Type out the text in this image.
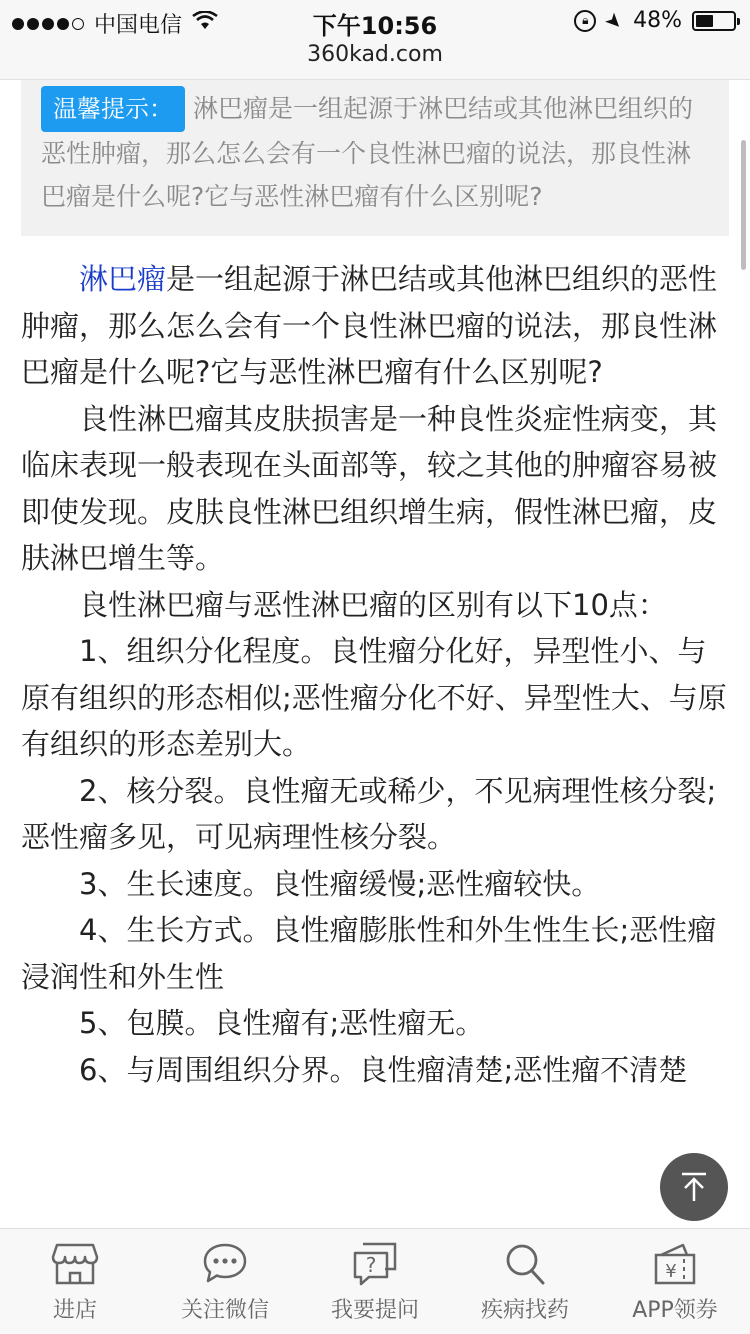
中国电信	下午10:56	🔒︎ ➤ 48%
360kad.com
温馨提示： 淋巴瘤是一组起源于淋巴结或其他淋巴组织的恶性肿瘤，那么怎么会有一个良性淋巴瘤的说法，那良性淋巴瘤是什么呢?它与恶性淋巴瘤有什么区别呢?

淋巴瘤是一组起源于淋巴结或其他淋巴组织的恶性肿瘤，那么怎么会有一个良性淋巴瘤的说法，那良性淋巴瘤是什么呢?它与恶性淋巴瘤有什么区别呢?

良性淋巴瘤其皮肤损害是一种良性炎症性病变，其临床表现一般表现在头面部等，较之其他的肿瘤容易被即使发现。皮肤良性淋巴组织增生病，假性淋巴瘤，皮肤淋巴增生等。

良性淋巴瘤与恶性淋巴瘤的区别有以下10点：

1、组织分化程度。良性瘤分化好，异型性小、与原有组织的形态相似;恶性瘤分化不好、异型性大、与原有组织的形态差别大。

2、核分裂。良性瘤无或稀少，不见病理性核分裂;恶性瘤多见，可见病理性核分裂。

3、生长速度。良性瘤缓慢;恶性瘤较快。

4、生长方式。良性瘤膨胀性和外生性生长;恶性瘤浸润性和外生性

5、包膜。良性瘤有;恶性瘤无。

6、与周围组织分界。良性瘤清楚;恶性瘤不清楚

进店	关注微信
?
我要提问	疾病找药
¥
APP领券
